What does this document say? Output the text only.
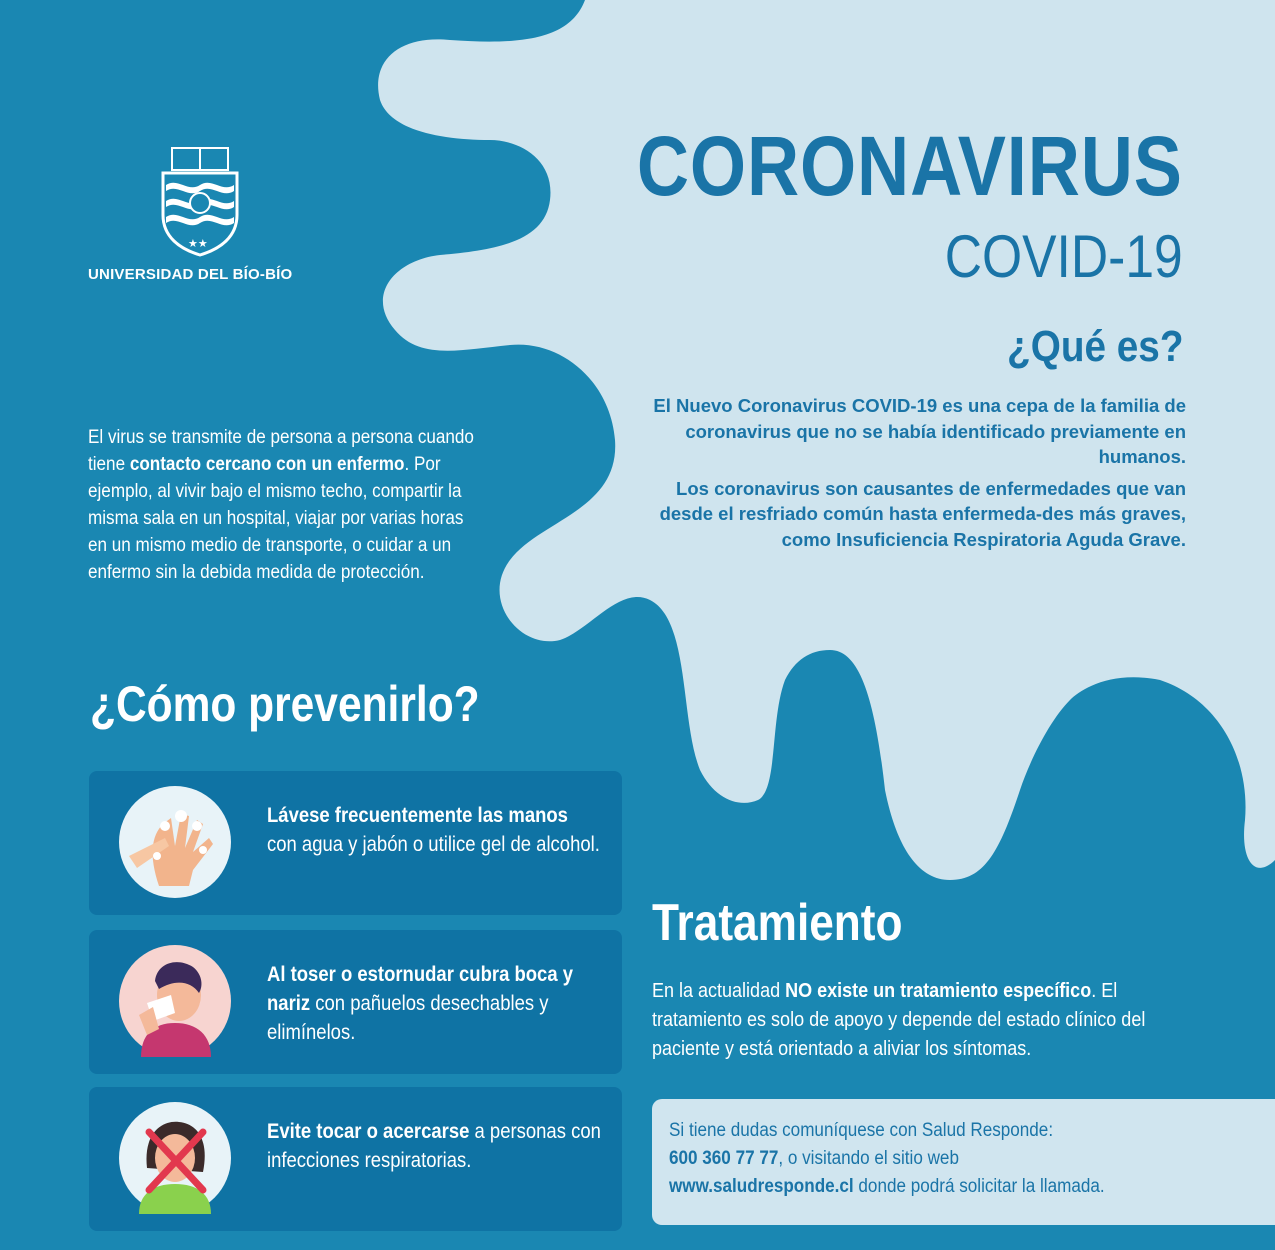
★★
UNIVERSIDAD DEL BÍO-BÍO
CORONAVIRUS
COVID-19
¿Qué es?

El Nuevo Coronavirus COVID-19 es una cepa de la familia de coronavirus que no se había identificado previamente en humanos.

Los coronavirus son causantes de enfermedades que van desde el resfriado común hasta enfermeda-des más graves, como Insuficiencia Respiratoria Aguda Grave.

El virus se transmite de persona a persona cuando tiene contacto cercano con un enfermo. Por ejemplo, al vivir bajo el mismo techo, compartir la misma sala en un hospital, viajar por varias horas en un mismo medio de transporte, o cuidar a un enfermo sin la debida medida de protección.
¿Cómo prevenirlo?
Lávese frecuentemente las manos con agua y jabón o utilice gel de alcohol.
Al toser o estornudar cubra boca y nariz con pañuelos desechables y elimínelos.
Evite tocar o acercarse a personas con infecciones respiratorias.
Tratamiento
En la actualidad NO existe un tratamiento específico. El tratamiento es solo de apoyo y depende del estado clínico del paciente y está orientado a aliviar los síntomas.
Si tiene dudas comuníquese con Salud Responde:
600 360 77 77, o visitando el sitio web
www.saludresponde.cl donde podrá solicitar la llamada.
